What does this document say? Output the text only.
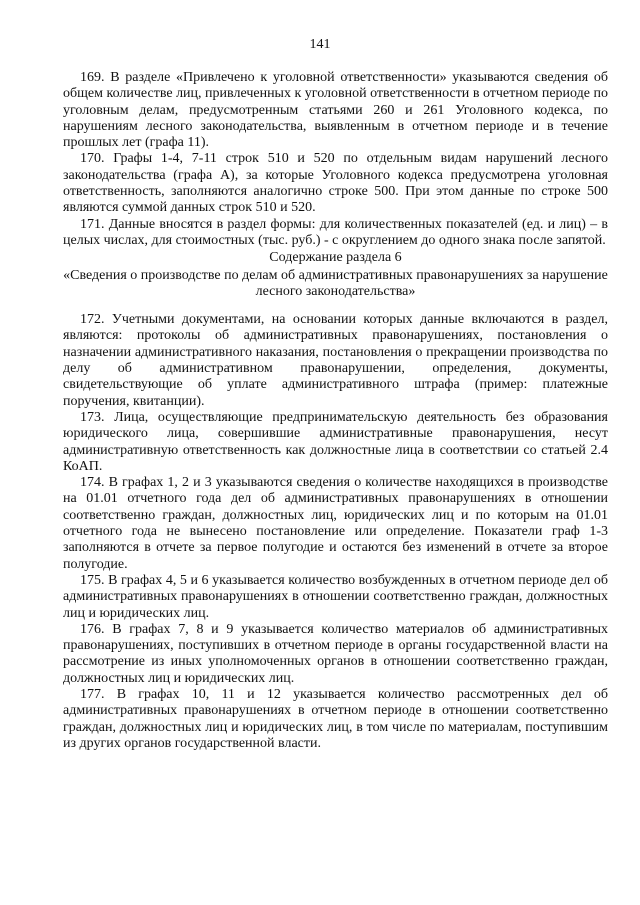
141

169. В разделе «Привлечено к уголовной ответственности» указываются сведения об общем количестве лиц, привлеченных к уголовной ответственности в отчетном периоде по уголовным делам, предусмотренным статьями 260 и 261 Уголовного кодекса, по нарушениям лесного законодательства, выявленным в отчетном периоде и в течение прошлых лет (графа 11).

170. Графы 1-4, 7-11 строк 510 и 520 по отдельным видам нарушений лесного законодательства (графа А), за которые Уголовного кодекса предусмотрена уголовная ответственность, заполняются аналогично строке 500. При этом данные по строке 500 являются суммой данных строк 510 и 520.

171. Данные вносятся в раздел формы: для количественных показателей (ед. и лиц) – в целых числах, для стоимостных (тыс. руб.) - с округлением до одного знака после запятой.

Содержание раздела 6

«Сведения о производстве по делам об административных правонарушениях за нарушение лесного законодательства»

172. Учетными документами, на основании которых данные включаются в раздел, являются: протоколы об административных правонарушениях, постановления о назначении административного наказания, постановления о прекращении производства по делу об административном правонарушении, определения, документы, свидетельствующие об уплате административного штрафа (пример: платежные поручения, квитанции).

173. Лица, осуществляющие предпринимательскую деятельность без образования юридического лица, совершившие административные правонарушения, несут административную ответственность как должностные лица в соответствии со статьей 2.4 КоАП.

174. В графах 1, 2 и 3 указываются сведения о количестве находящихся в производстве на 01.01 отчетного года дел об административных правонарушениях в отношении соответственно граждан, должностных лиц, юридических лиц и по которым на 01.01 отчетного года не вынесено постановление или определение. Показатели граф 1-3 заполняются в отчете за первое полугодие и остаются без изменений в отчете за второе полугодие.

175. В графах 4, 5 и 6 указывается количество возбужденных в отчетном периоде дел об административных правонарушениях в отношении соответственно граждан, должностных лиц и юридических лиц.

176. В графах 7, 8 и 9 указывается количество материалов об административных правонарушениях, поступивших в отчетном периоде в органы государственной власти на рассмотрение из иных уполномоченных органов в отношении соответственно граждан, должностных лиц и юридических лиц.

177. В графах 10, 11 и 12 указывается количество рассмотренных дел об административных правонарушениях в отчетном периоде в отношении соответственно граждан, должностных лиц и юридических лиц, в том числе по материалам, поступившим из других органов государственной власти.
